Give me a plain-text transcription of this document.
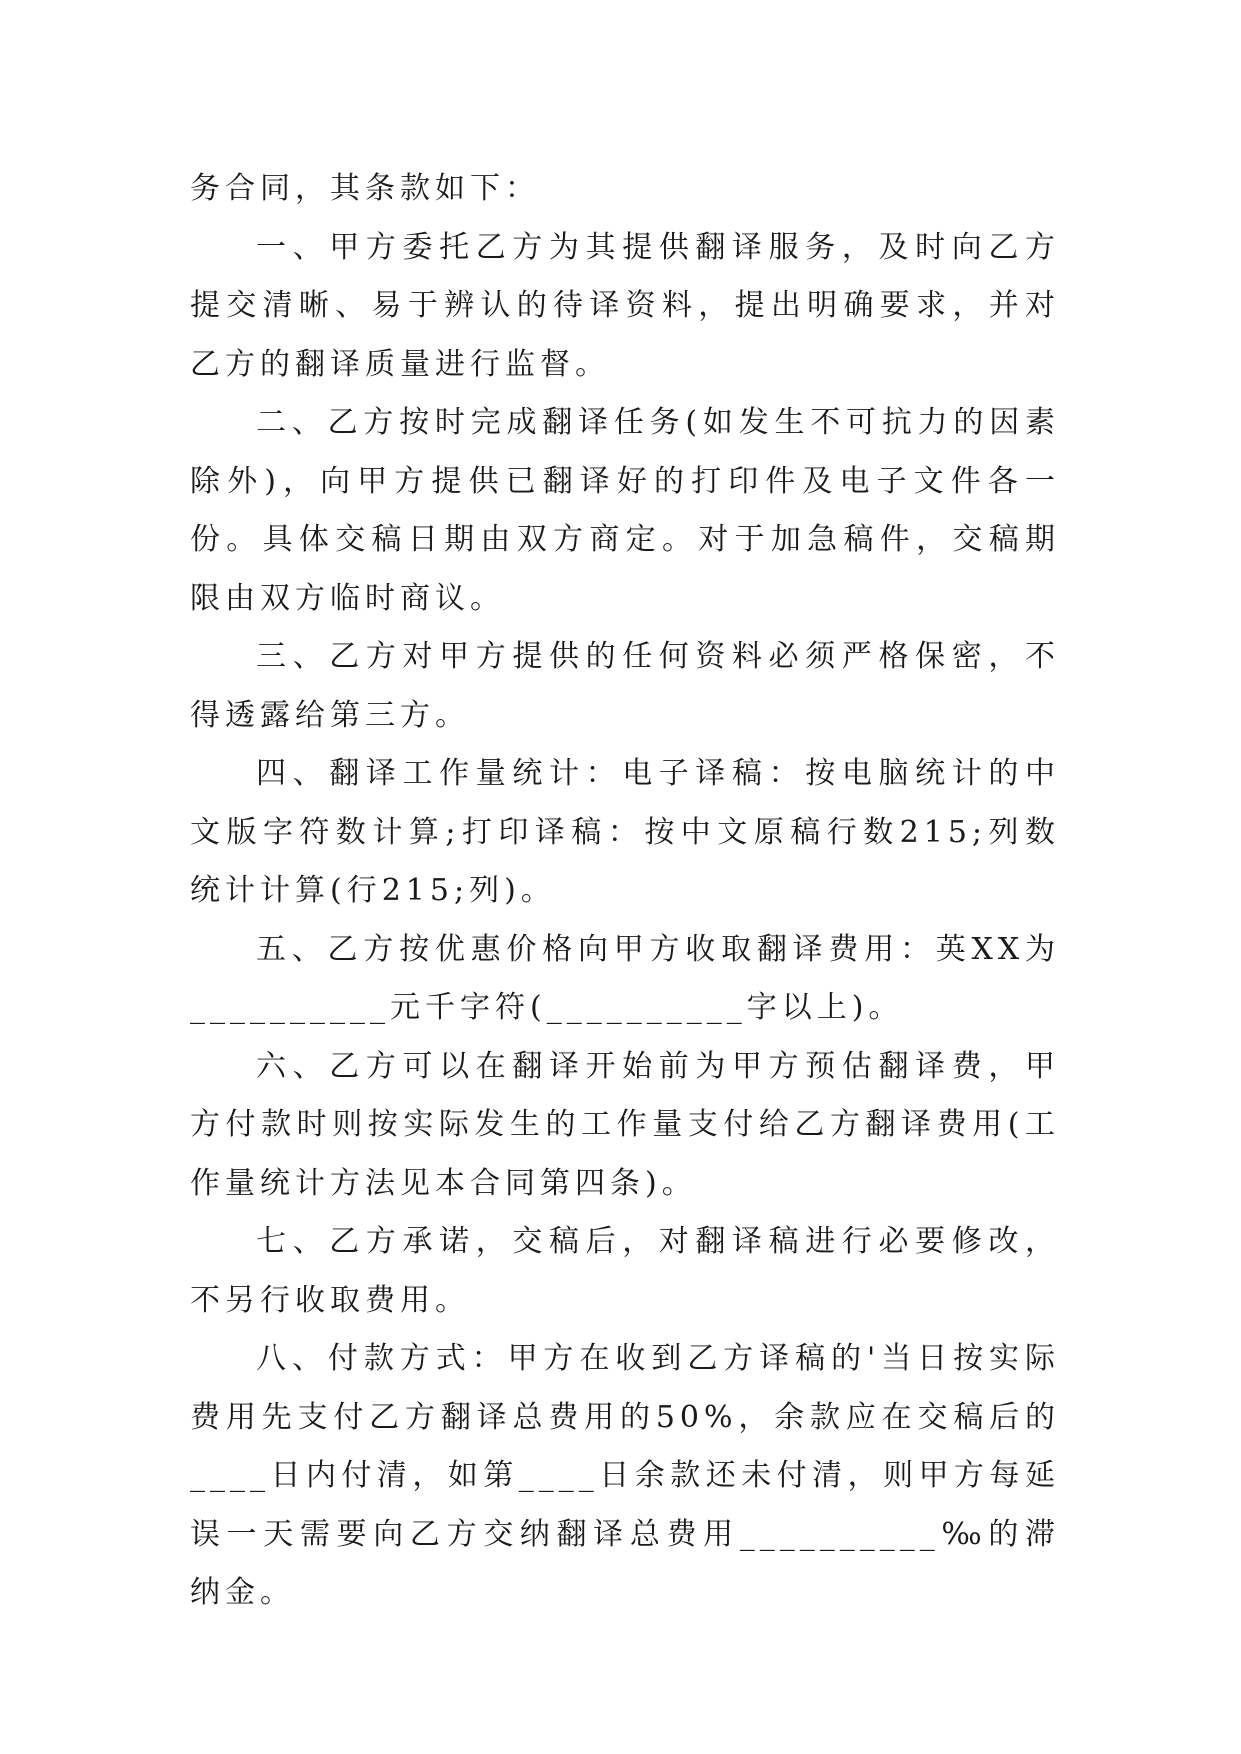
务合同，其条款如下：

一、甲方委托乙方为其提供翻译服务，及时向乙方提交清晰、易于辨认的待译资料，提出明确要求，并对乙方的翻译质量进行监督。

二、乙方按时完成翻译任务(如发生不可抗力的因素除外)，向甲方提供已翻译好的打印件及电子文件各一份。具体交稿日期由双方商定。对于加急稿件，交稿期限由双方临时商议。

三、乙方对甲方提供的任何资料必须严格保密，不得透露给第三方。

四、翻译工作量统计：电子译稿：按电脑统计的中文版字符数计算;打印译稿：按中文原稿行数215;列数统计计算(行215;列)。

五、乙方按优惠价格向甲方收取翻译费用：英XX为__________元千字符(__________字以上)。

六、乙方可以在翻译开始前为甲方预估翻译费，甲方付款时则按实际发生的工作量支付给乙方翻译费用(工作量统计方法见本合同第四条)。

七、乙方承诺，交稿后，对翻译稿进行必要修改，不另行收取费用。

八、付款方式：甲方在收到乙方译稿的'当日按实际费用先支付乙方翻译总费用的50%，余款应在交稿后的____日内付清，如第____日余款还未付清，则甲方每延误一天需要向乙方交纳翻译总费用__________‰的滞纳金。
